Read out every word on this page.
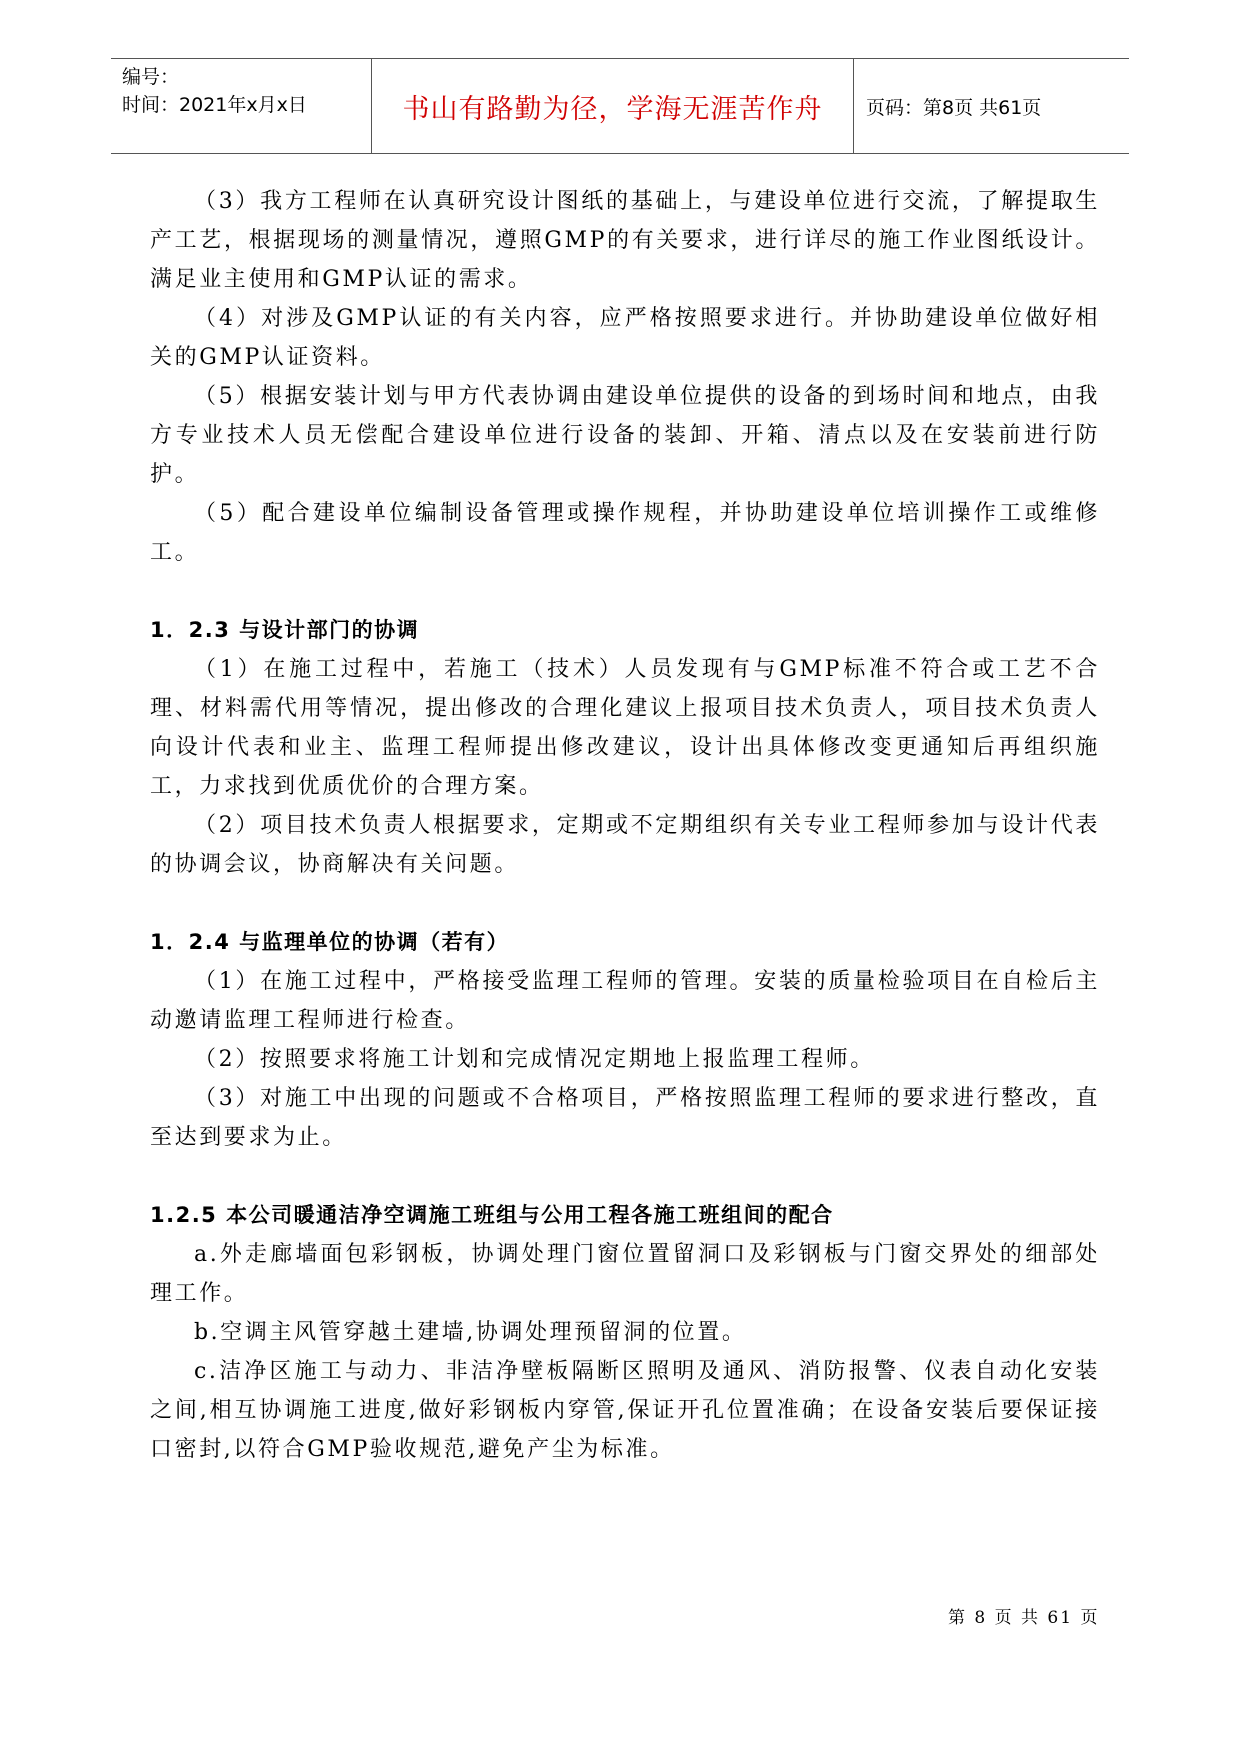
编号：
时间：2021年x月x日	书山有路勤为径，学海无涯苦作舟	页码：第8页 共61页

（3）我方工程师在认真研究设计图纸的基础上，与建设单位进行交流，了解提取生产工艺，根据现场的测量情况，遵照GMP的有关要求，进行详尽的施工作业图纸设计。满足业主使用和GMP认证的需求。

（4）对涉及GMP认证的有关内容，应严格按照要求进行。并协助建设单位做好相关的GMP认证资料。

（5）根据安装计划与甲方代表协调由建设单位提供的设备的到场时间和地点，由我方专业技术人员无偿配合建设单位进行设备的装卸、开箱、清点以及在安装前进行防护。

（5）配合建设单位编制设备管理或操作规程，并协助建设单位培训操作工或维修工。

1．2.3 与设计部门的协调

（1）在施工过程中，若施工（技术）人员发现有与GMP标准不符合或工艺不合理、材料需代用等情况，提出修改的合理化建议上报项目技术负责人，项目技术负责人向设计代表和业主、监理工程师提出修改建议，设计出具体修改变更通知后再组织施工，力求找到优质优价的合理方案。

（2）项目技术负责人根据要求，定期或不定期组织有关专业工程师参加与设计代表的协调会议，协商解决有关问题。

1．2.4 与监理单位的协调（若有）

（1）在施工过程中，严格接受监理工程师的管理。安装的质量检验项目在自检后主动邀请监理工程师进行检查。

（2）按照要求将施工计划和完成情况定期地上报监理工程师。

（3）对施工中出现的问题或不合格项目，严格按照监理工程师的要求进行整改，直至达到要求为止。

1.2.5 本公司暖通洁净空调施工班组与公用工程各施工班组间的配合

a.外走廊墙面包彩钢板，协调处理门窗位置留洞口及彩钢板与门窗交界处的细部处理工作。

b.空调主风管穿越土建墙,协调处理预留洞的位置。

c.洁净区施工与动力、非洁净壁板隔断区照明及通风、消防报警、仪表自动化安装之间,相互协调施工进度,做好彩钢板内穿管,保证开孔位置准确；在设备安装后要保证接口密封,以符合GMP验收规范,避免产尘为标准。

第 8 页 共 61 页
